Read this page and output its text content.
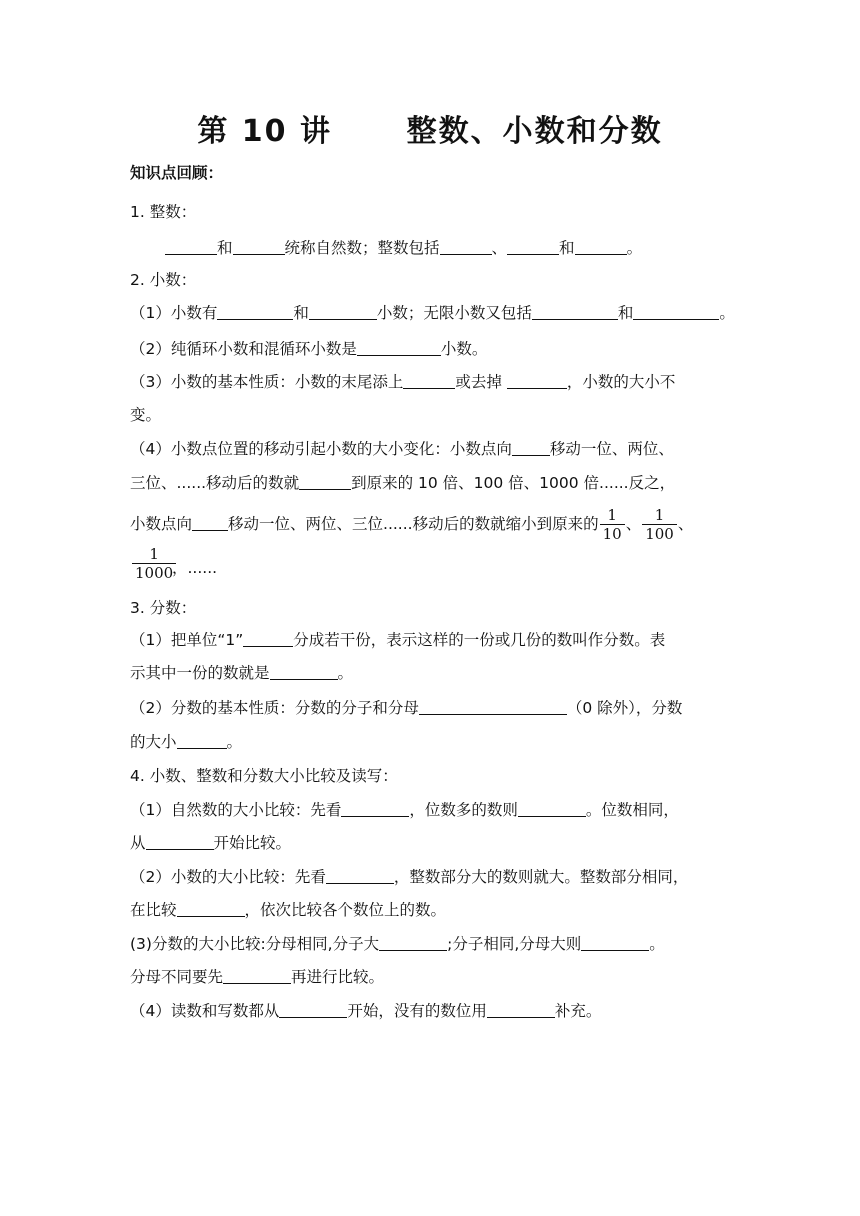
第 10 讲      整数、小数和分数
知识点回顾：
1. 整数：
和	统称自然数；整数包括	、	和	。
2. 小数：
（1）小数有	和	小数；无限小数又包括	和	。
（2）纯循环小数和混循环小数是	小数。
（3）小数的基本性质：小数的末尾添上	或去掉	，小数的大小不
变。
（4）小数点位置的移动引起小数的大小变化：小数点向 移动一位、两位、
三位、......移动后的数就	到原来的 10 倍、100 倍、1000 倍......反之，
小数点向 移动一位、两位、三位......移动后的数就缩小到原来的 $\frac{1}{10}$ 、 $\frac{1}{100}$ 、
$\frac{1}{1000}$
，......
3. 分数：
（1）把单位“1”	分成若干份，表示这样的一份或几份的数叫作分数。表
示其中一份的数就是	。
（2）分数的基本性质：分数的分子和分母	（0 除外），分数
的大小	。
4. 小数、整数和分数大小比较及读写：
（1）自然数的大小比较：先看	，位数多的数则	。位数相同，
从	开始比较。
（2）小数的大小比较：先看	，整数部分大的数则就大。整数部分相同，
在比较	，依次比较各个数位上的数。
(3)分数的大小比较:分母相同,分子大	;分子相同,分母大则	。
分母不同要先	再进行比较。
（4）读数和写数都从	开始，没有的数位用	补充。
